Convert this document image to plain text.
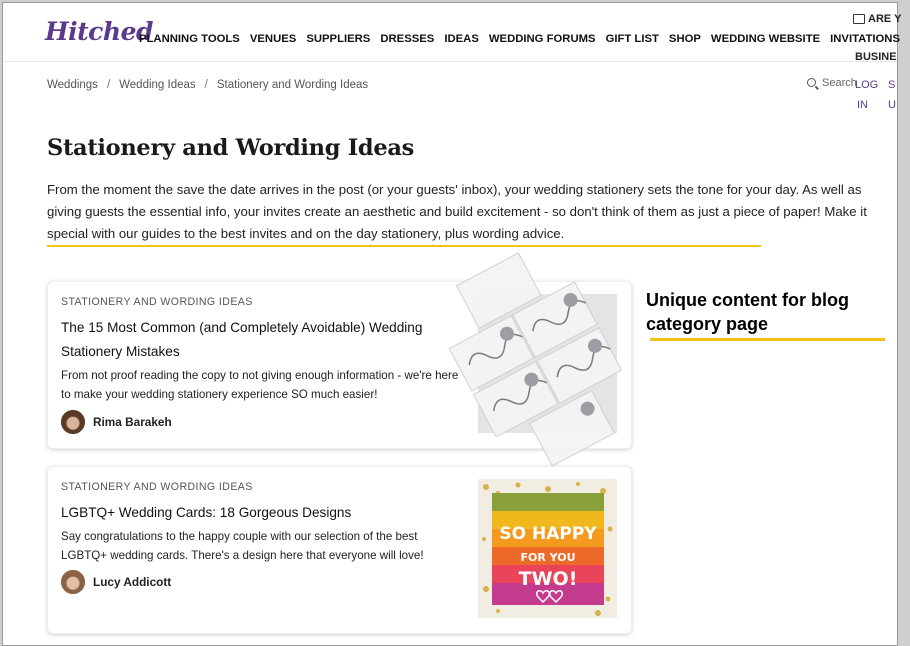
Hitched
PLANNING TOOLS VENUES SUPPLIERS DRESSES IDEAS WEDDING FORUMS GIFT LIST SHOP WEDDING WEBSITE INVITATIONS
ARE Y
BUSINE
Weddings / Wedding Ideas / Stationery and Wording Ideas	Search
LOG
IN
S
U
Stationery and Wording Ideas
From the moment the save the date arrives in the post (or your guests' inbox), your wedding stationery sets the tone for your day. As well as giving guests the essential info, your invites create an aesthetic and build excitement - so don't think of them as just a piece of paper! Make it special with our guides to the best invites and on the day stationery, plus wording advice.
STATIONERY AND WORDING IDEAS
The 15 Most Common (and Completely Avoidable) Wedding Stationery Mistakes
From not proof reading the copy to not giving enough information - we're here to make your wedding stationery experience SO much easier!
Rima Barakeh
STATIONERY AND WORDING IDEAS
LGBTQ+ Wedding Cards: 18 Gorgeous Designs
Say congratulations to the happy couple with our selection of the best LGBTQ+ wedding cards. There's a design here that everyone will love!
Lucy Addicott
SO HAPPY
FOR YOU
TWO!
Unique content for blog category page
